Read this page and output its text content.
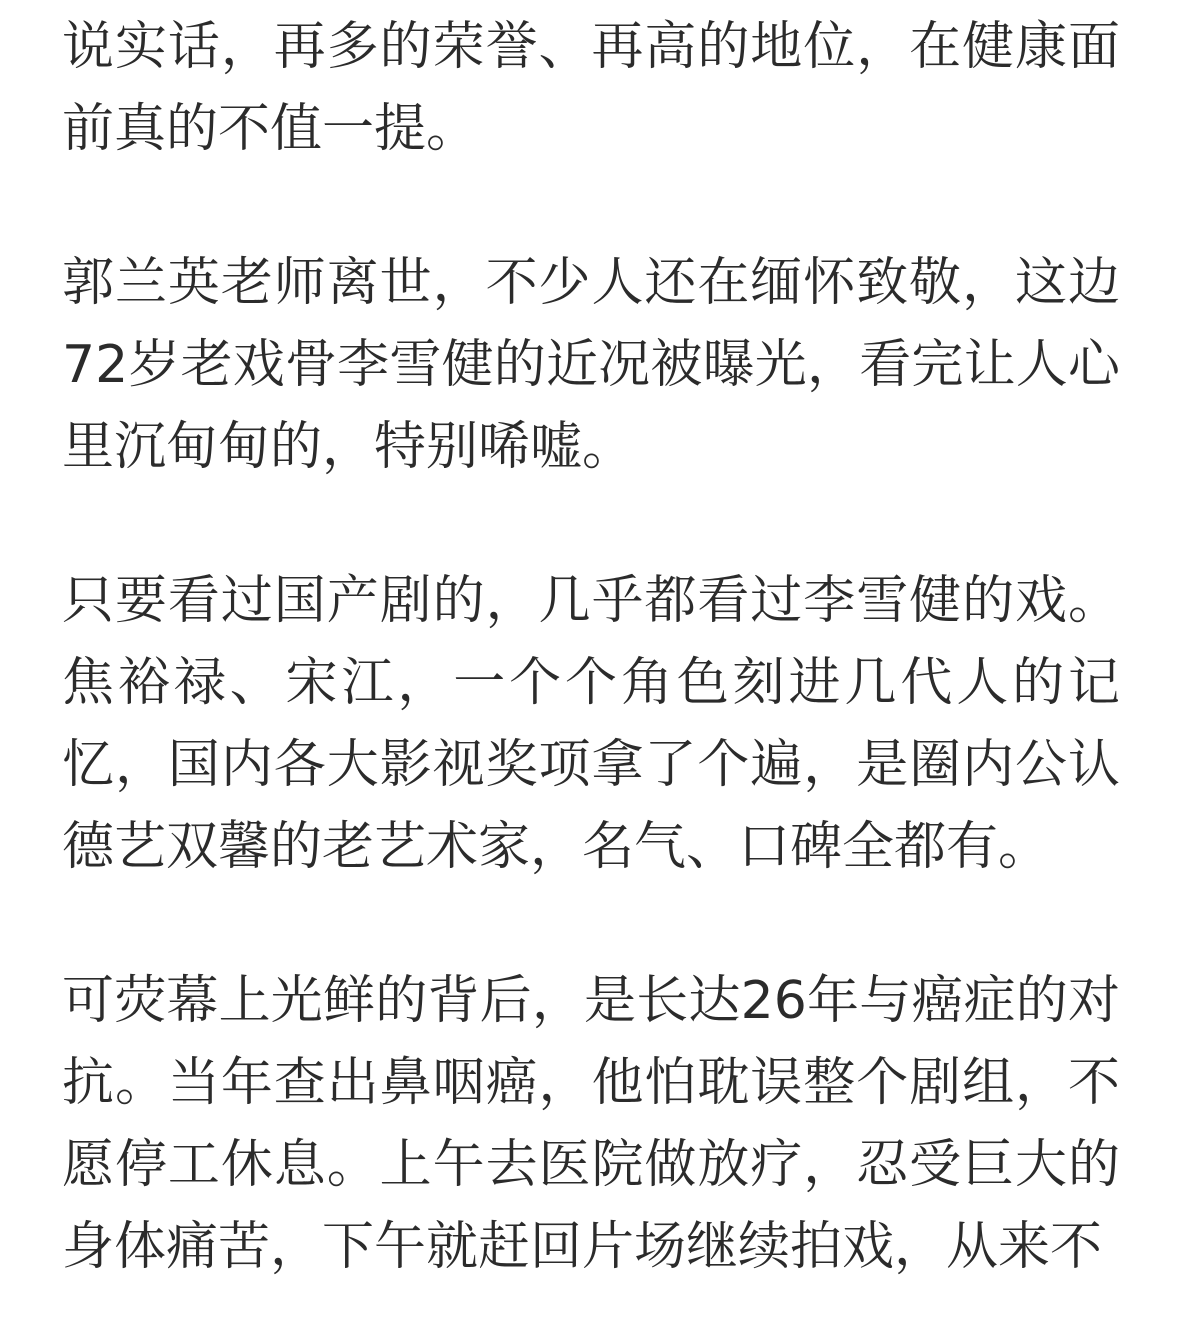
说实话，再多的荣誉、再高的地位，在健康面前真的不值一提。

郭兰英老师离世，不少人还在缅怀致敬，这边72岁老戏骨李雪健的近况被曝光，看完让人心里沉甸甸的，特别唏嘘。

只要看过国产剧的，几乎都看过李雪健的戏。焦裕禄、宋江，一个个角色刻进几代人的记忆，国内各大影视奖项拿了个遍，是圈内公认德艺双馨的老艺术家，名气、口碑全都有。

可荧幕上光鲜的背后，是长达26年与癌症的对抗。当年查出鼻咽癌，他怕耽误整个剧组，不愿停工休息。上午去医院做放疗，忍受巨大的身体痛苦，下午就赶回片场继续拍戏，从来不
